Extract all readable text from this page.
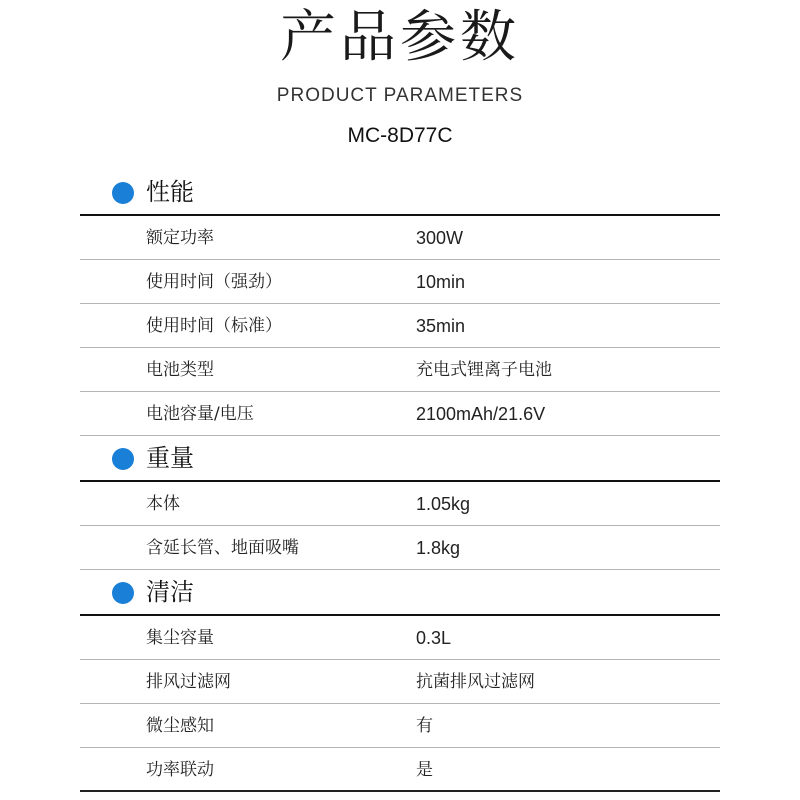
产品参数
PRODUCT PARAMETERS
MC-8D77C
性能
额定功率	300W
使用时间（强劲）	10min
使用时间（标准）	35min
电池类型	充电式锂离子电池
电池容量/电压	2100mAh/21.6V
重量
本体	1.05kg
含延长管、地面吸嘴	1.8kg
清洁
集尘容量	0.3L
排风过滤网	抗菌排风过滤网
微尘感知	有
功率联动	是
